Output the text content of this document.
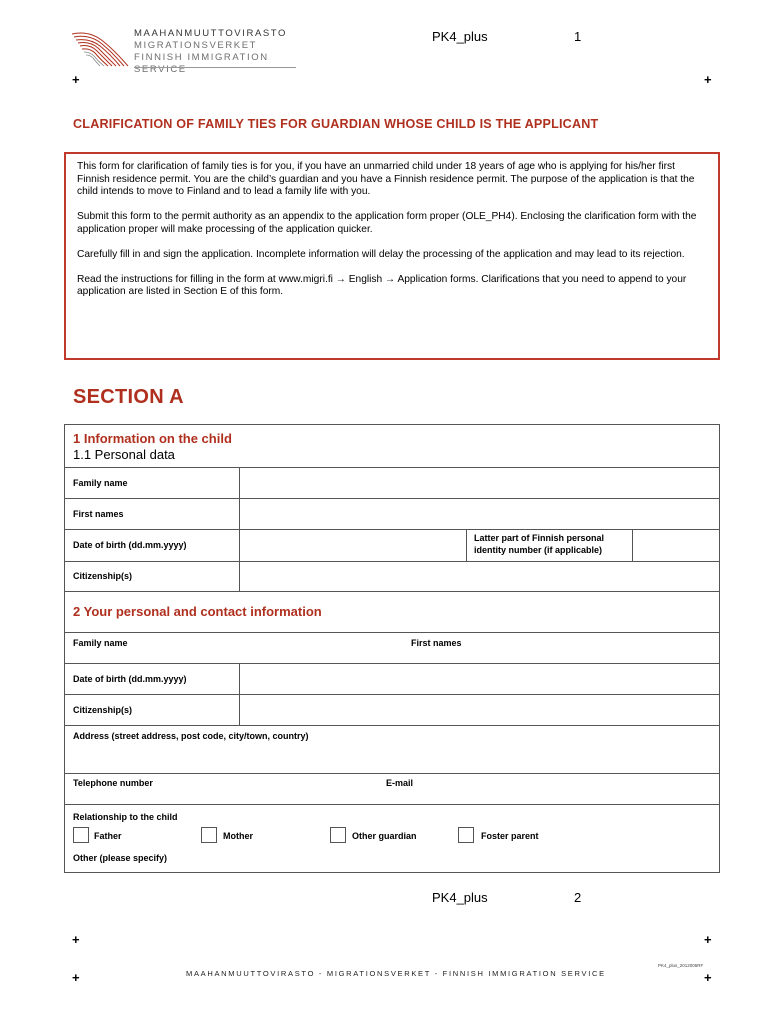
MAAHANMUUTTOVIRASTO
MIGRATIONSVERKET
FINNISH IMMIGRATION SERVICE
PK4_plus	1
+	+
CLARIFICATION OF FAMILY TIES FOR GUARDIAN WHOSE CHILD IS THE APPLICANT

This form for clarification of family ties is for you, if you have an unmarried child under 18 years of age who is applying for his/her first Finnish residence permit. You are the child’s guardian and you have a Finnish residence permit. The purpose of the application is that the child intends to move to Finland and to lead a family life with you.

Submit this form to the permit authority as an appendix to the application form proper (OLE_PH4). Enclosing the clarification form with the application proper will make processing of the application quicker.

Carefully fill in and sign the application. Incomplete information will delay the processing of the application and may lead to its rejection.

Read the instructions for filling in the form at www.migri.fi → English → Application forms. Clarifications that you need to append to your application are listed in Section E of this form.

SECTION A
1 Information on the child
1.1 Personal data
Family name
First names
Date of birth (dd.mm.yyyy)
Latter part of Finnish personal
identity number (if applicable)
Citizenship(s)
2 Your personal and contact information
Family name	First names
Date of birth (dd.mm.yyyy)
Citizenship(s)
Address (street address, post code, city/town, country)
Telephone number	E-mail
Relationship to the child
Father	Mother	Other guardian	Foster parent
Other (please specify)
PK4_plus	2
+	+
PK4_plus_2012006RF
+	+
MAAHANMUUTTOVIRASTO - MIGRATIONSVERKET - FINNISH IMMIGRATION SERVICE
